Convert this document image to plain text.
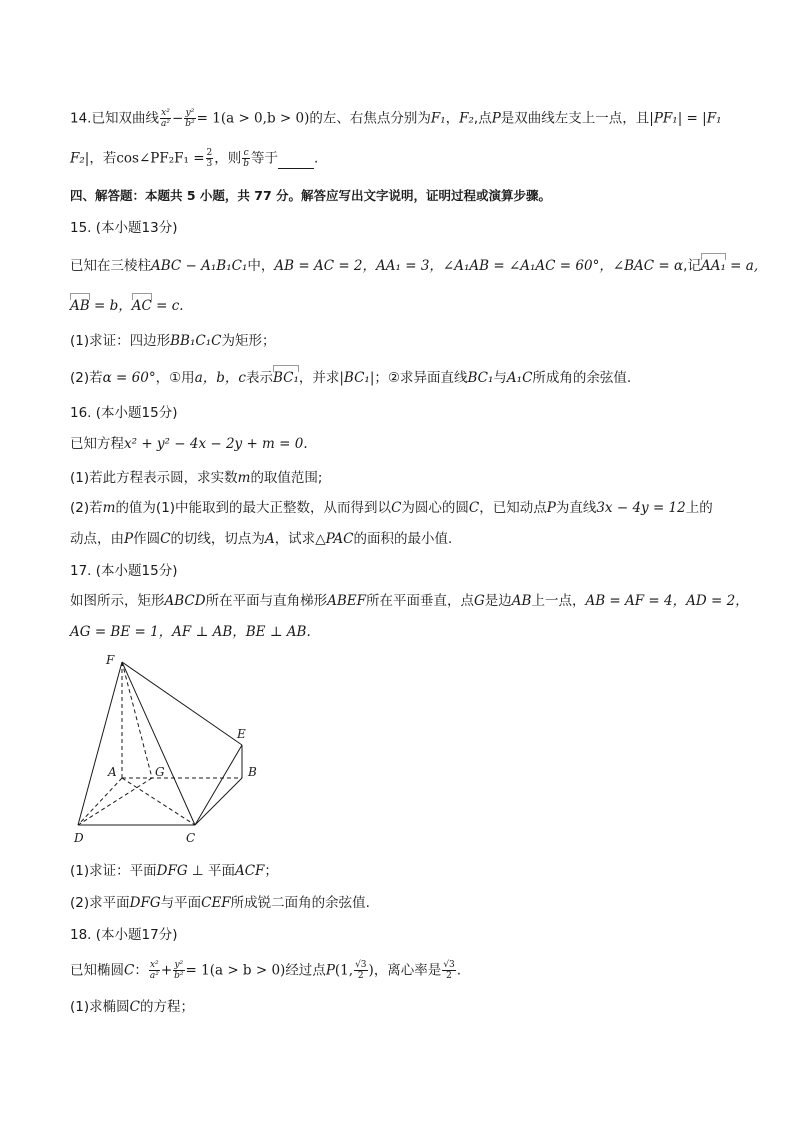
14.已知双曲线 $\frac{\text{x²}}{\text{a²}} - \frac{\text{y²}}{\text{b²}} = 1(a > 0,b > 0)$的左、右焦点分别为F₁，F₂,点P是双曲线左支上一点，且|PF₁| = |F₁
F₂|，若cos∠PF₂F₁ = $\frac{2}{3}$ ，则 $\frac{c}{b}$ 等于	.
四、解答题：本题共 5 小题，共 77 分。解答应写出文字说明，证明过程或演算步骤。
15. (本小题13分)
已知在三棱柱ABC − A₁B₁C₁中，AB = AC = 2，AA₁ = 3，∠A₁AB = ∠A₁AC = 60°，∠BAC = α,记AA₁ = a,
AB = b，AC = c.
(1)求证：四边形BB₁C₁C为矩形；
(2)若α = 60°，①用a，b，c表示BC₁，并求|BC₁|；②求异面直线BC₁与A₁C所成角的余弦值.
16. (本小题15分)
已知方程x² + y² − 4x − 2y + m = 0.
(1)若此方程表示圆，求实数m的取值范围;
(2)若m的值为(1)中能取到的最大正整数，从而得到以C为圆心的圆C，已知动点P为直线3x − 4y = 12上的
动点，由P作圆C的切线，切点为A，试求△PAC的面积的最小值.
17. (本小题15分)
如图所示，矩形ABCD所在平面与直角梯形ABEF所在平面垂直，点G是边AB上一点，AB = AF = 4，AD = 2，
AG = BE = 1，AF ⊥ AB，BE ⊥ AB.
F
E
A	G	B
D	C
(1)求证：平面DFG ⊥ 平面ACF；
(2)求平面DFG与平面CEF所成锐二面角的余弦值.
18. (本小题17分)
已知椭圆C： $\frac{\text{x²}}{\text{a²}} + \frac{\text{y²}}{\text{b²}} = 1(a > b > 0)$经过点P(1, $\frac{√3}{2}$ )，离心率是 $\frac{√3}{2}$ .
(1)求椭圆C的方程；
